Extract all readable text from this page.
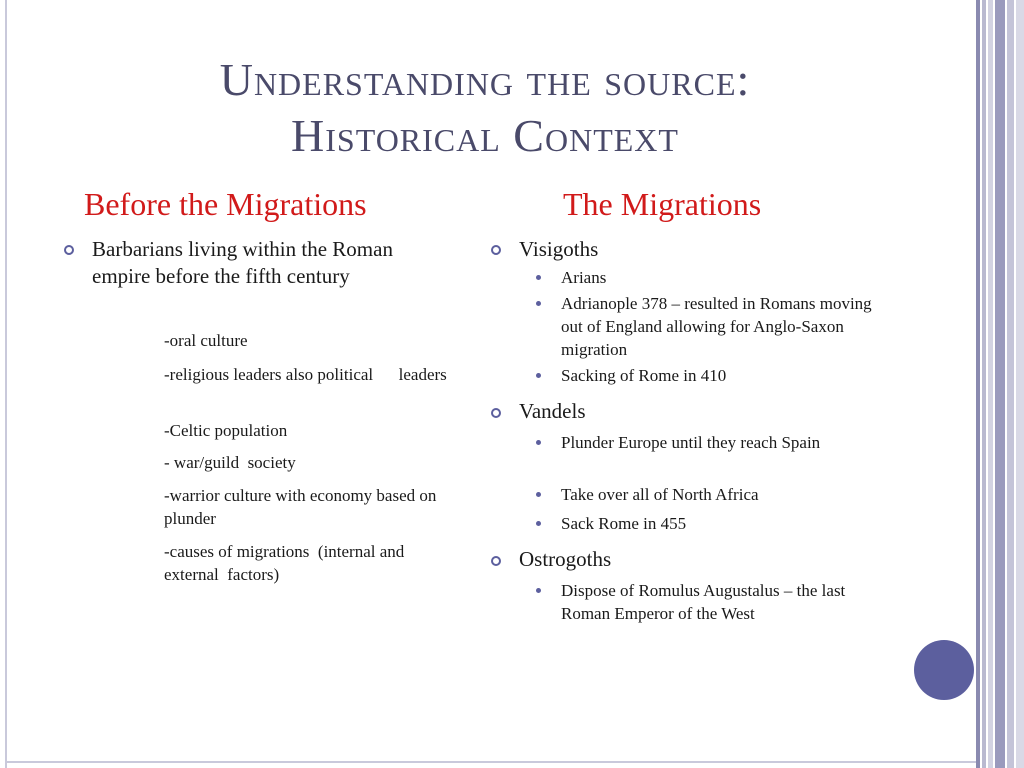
Understanding the source:
Historical Context
Before the Migrations
Barbarians living within the Roman empire before the fifth century
-oral culture
-religious leaders also political      leaders
-Celtic population
- war/guild  society
-warrior culture with economy based on plunder
-causes of migrations  (internal and external  factors)
The Migrations
Visigoths
Arians
Adrianople 378 – resulted in Romans moving out of England allowing for Anglo-Saxon migration
Sacking of Rome in 410
Vandels
Plunder Europe until they reach Spain
Take over all of North Africa
Sack Rome in 455
Ostrogoths
Dispose of Romulus Augustalus – the last Roman Emperor of the West
